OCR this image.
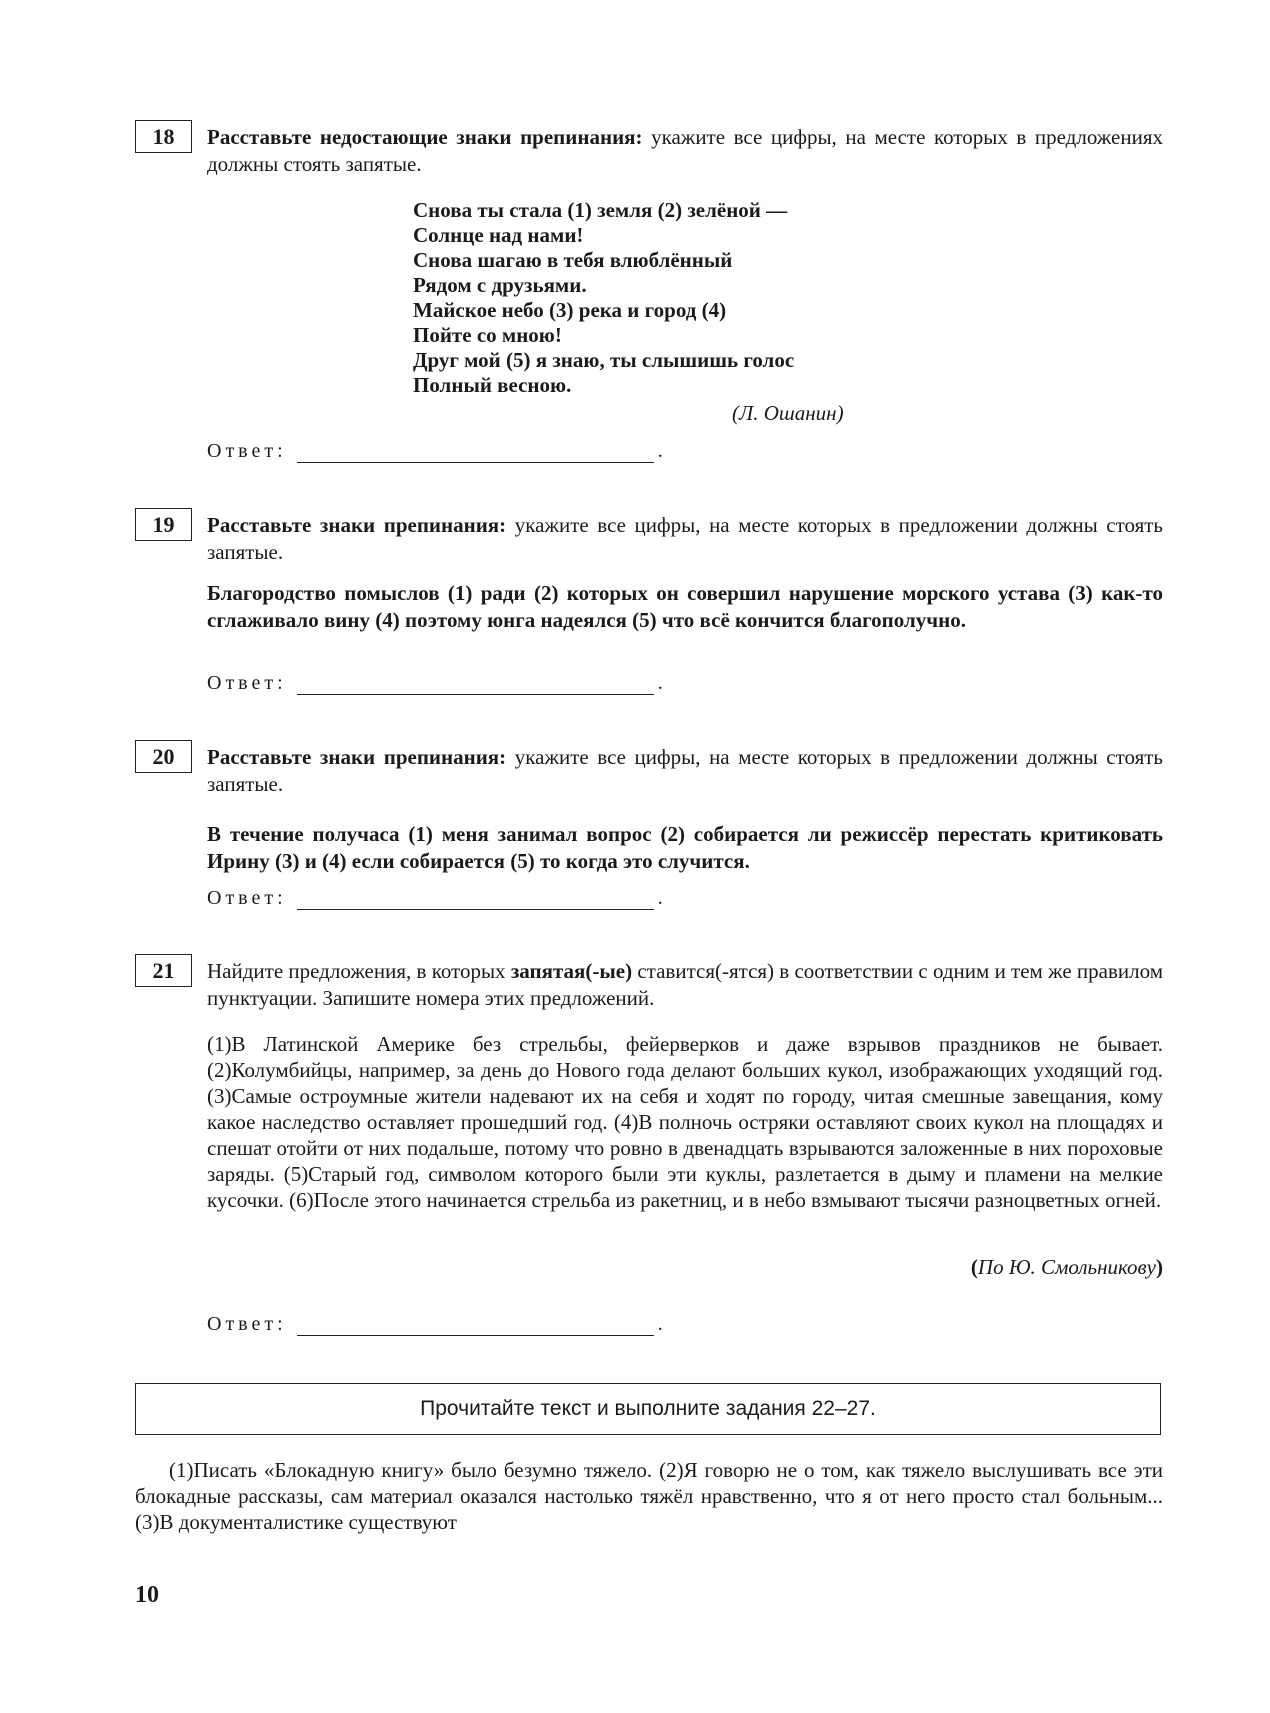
18	Расставьте недостающие знаки препинания: укажите все цифры, на месте которых в предложениях должны стоять запятые.
Снова ты стала (1) земля (2) зелёной —
Солнце над нами!
Снова шагаю в тебя влюблённый
Рядом с друзьями.
Майское небо (3) река и город (4)
Пойте со мною!
Друг мой (5) я знаю, ты слышишь голос
Полный весною.
(Л. Ошанин)
Ответ:	.
19	Расставьте знаки препинания: укажите все цифры, на месте которых в предложении должны стоять запятые.
Благородство помыслов (1) ради (2) которых он совершил нарушение морского устава (3) как-то сглаживало вину (4) поэтому юнга надеялся (5) что всё кончится благополучно.
Ответ:	.
20	Расставьте знаки препинания: укажите все цифры, на месте которых в предложении должны стоять запятые.
В течение получаса (1) меня занимал вопрос (2) собирается ли режиссёр перестать критиковать Ирину (3) и (4) если собирается (5) то когда это случится.
Ответ:	.
21	Найдите предложения, в которых запятая(-ые) ставится(-ятся) в соответствии с одним и тем же правилом пунктуации. Запишите номера этих предложений.
(1)В Латинской Америке без стрельбы, фейерверков и даже взрывов праздников не бывает. (2)Колумбийцы, например, за день до Нового года делают больших кукол, изображающих уходящий год. (3)Самые остроумные жители надевают их на себя и ходят по городу, читая смешные завещания, кому какое наследство оставляет прошедший год. (4)В полночь остряки оставляют своих кукол на площадях и спешат отойти от них подальше, потому что ровно в двенадцать взрываются заложенные в них пороховые заряды. (5)Старый год, символом которого были эти куклы, разлетается в дыму и пламени на мелкие кусочки. (6)После этого начинается стрельба из ракетниц, и в небо взмывают тысячи разноцветных огней.
(По Ю. Смольникову)
Ответ:	.
Прочитайте текст и выполните задания 22–27.
(1)Писать «Блокадную книгу» было безумно тяжело. (2)Я говорю не о том, как тяжело выслушивать все эти блокадные рассказы, сам материал оказался настолько тяжёл нравственно, что я от него просто стал больным... (3)В документалистике существуют
10
